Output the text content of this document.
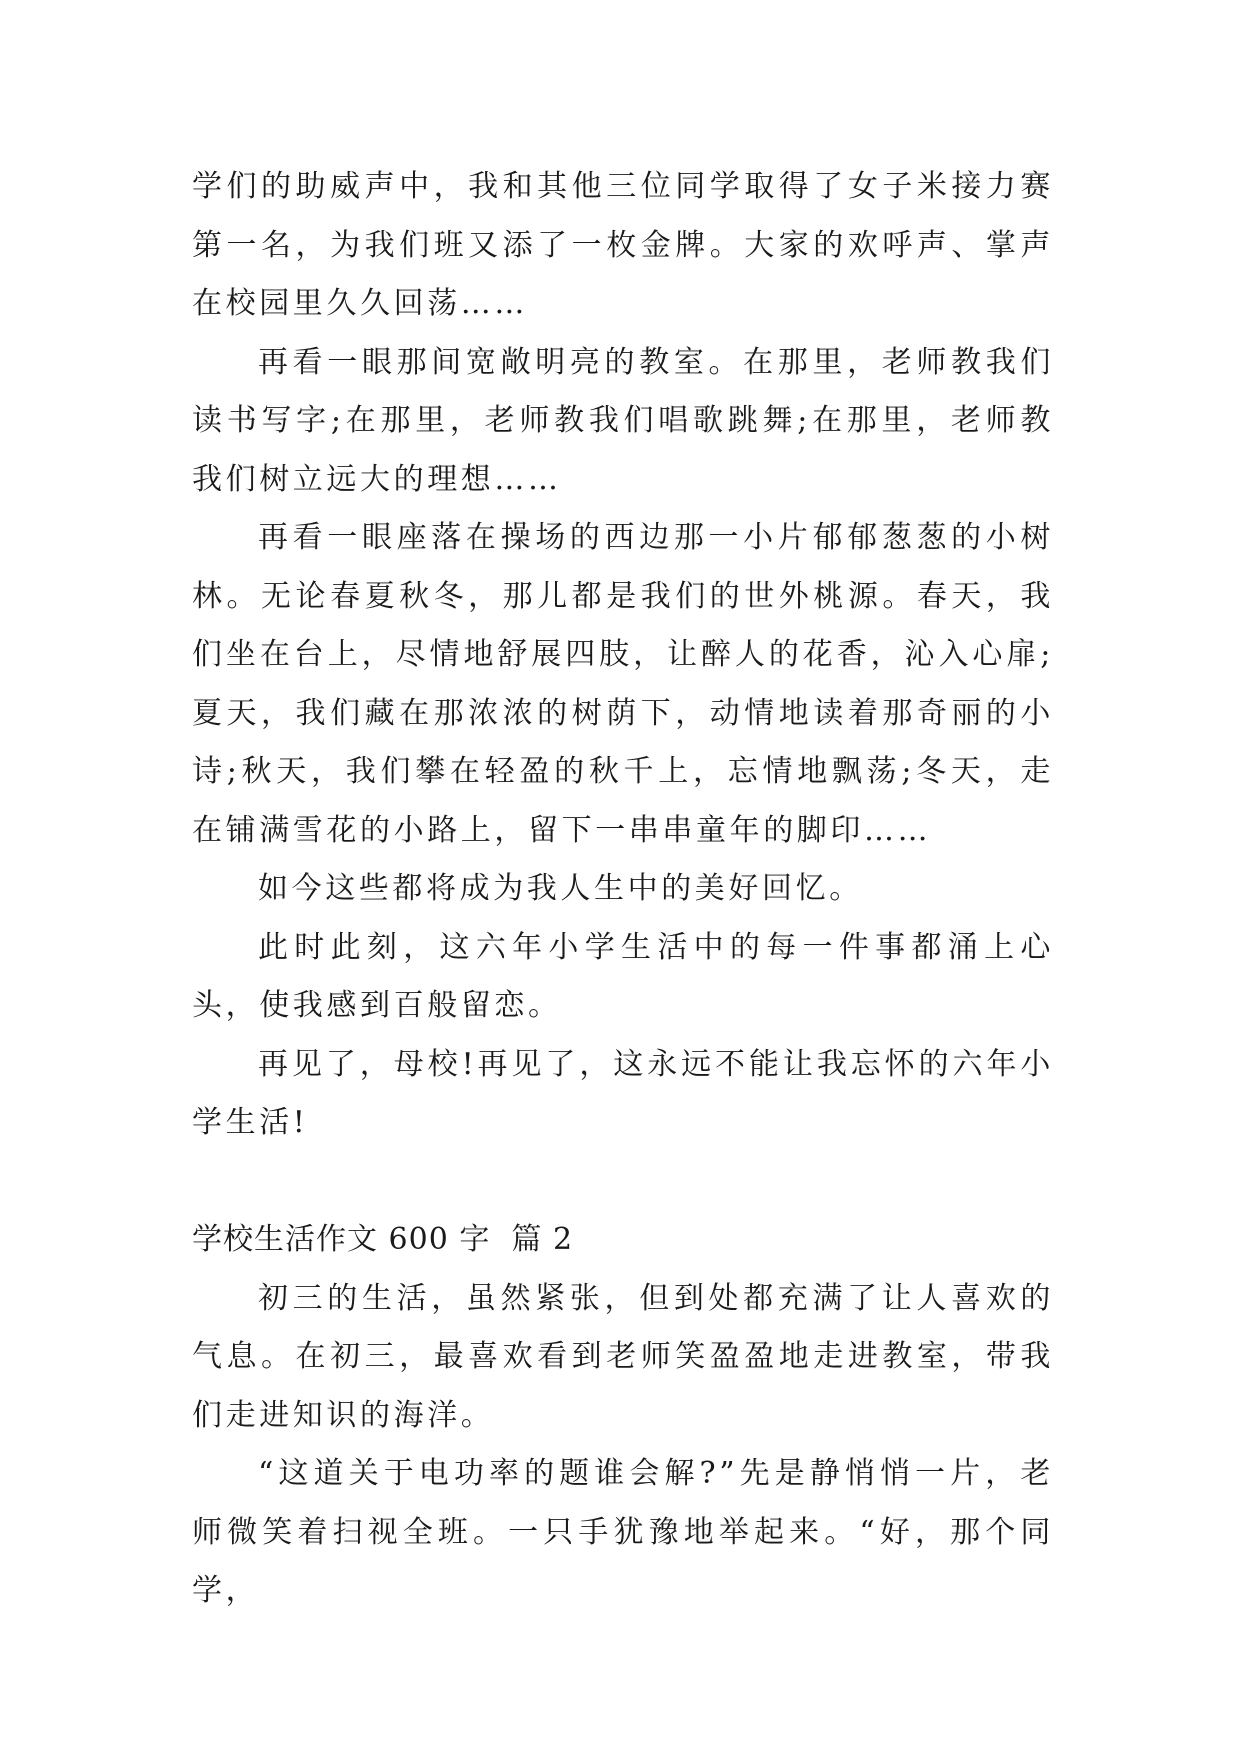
学们的助威声中，我和其他三位同学取得了女子米接力赛第一名，为我们班又添了一枚金牌。大家的欢呼声、掌声在校园里久久回荡……

再看一眼那间宽敞明亮的教室。在那里，老师教我们读书写字;在那里，老师教我们唱歌跳舞;在那里，老师教我们树立远大的理想……

再看一眼座落在操场的西边那一小片郁郁葱葱的小树林。无论春夏秋冬，那儿都是我们的世外桃源。春天，我们坐在台上，尽情地舒展四肢，让醉人的花香，沁入心扉;夏天，我们藏在那浓浓的树荫下，动情地读着那奇丽的小诗;秋天，我们攀在轻盈的秋千上，忘情地飘荡;冬天，走在铺满雪花的小路上，留下一串串童年的脚印……

如今这些都将成为我人生中的美好回忆。

此时此刻，这六年小学生活中的每一件事都涌上心头，使我感到百般留恋。

再见了，母校!再见了，这永远不能让我忘怀的六年小学生活!

学校生活作文 600 字 篇 2

初三的生活，虽然紧张，但到处都充满了让人喜欢的气息。在初三，最喜欢看到老师笑盈盈地走进教室，带我们走进知识的海洋。

“这道关于电功率的题谁会解?”先是静悄悄一片，老师微笑着扫视全班。一只手犹豫地举起来。“好，那个同学，
